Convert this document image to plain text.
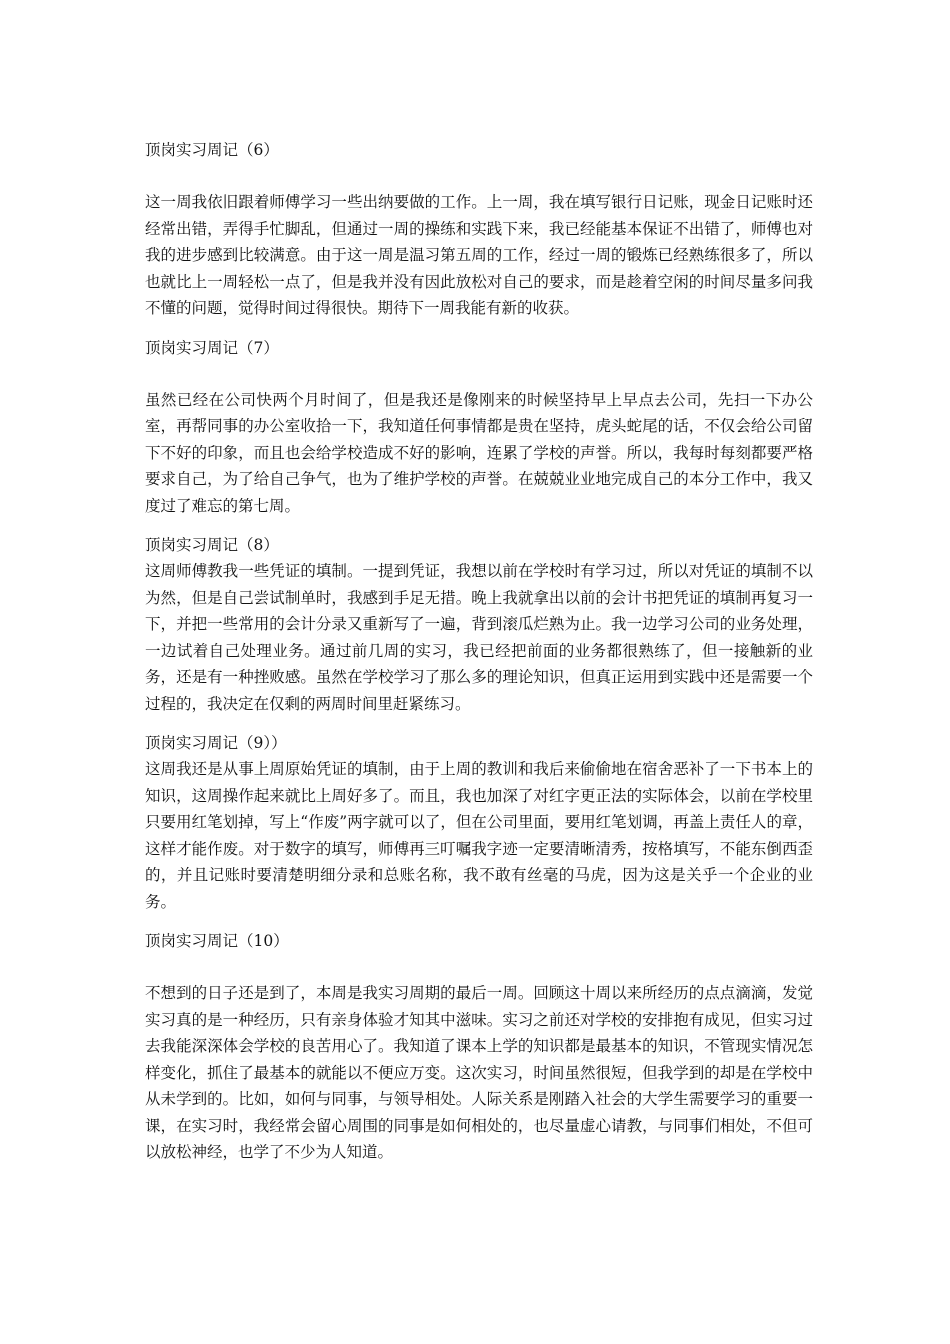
顶岗实习周记（6）

这一周我依旧跟着师傅学习一些出纳要做的工作。上一周，我在填写银行日记账，现金日记账时还经常出错，弄得手忙脚乱，但通过一周的操练和实践下来，我已经能基本保证不出错了，师傅也对我的进步感到比较满意。由于这一周是温习第五周的工作，经过一周的锻炼已经熟练很多了，所以也就比上一周轻松一点了，但是我并没有因此放松对自己的要求，而是趁着空闲的时间尽量多问我不懂的问题，觉得时间过得很快。期待下一周我能有新的收获。

顶岗实习周记（7）

虽然已经在公司快两个月时间了，但是我还是像刚来的时候坚持早上早点去公司，先扫一下办公室，再帮同事的办公室收拾一下，我知道任何事情都是贵在坚持，虎头蛇尾的话，不仅会给公司留下不好的印象，而且也会给学校造成不好的影响，连累了学校的声誉。所以，我每时每刻都要严格要求自己，为了给自己争气，也为了维护学校的声誉。在兢兢业业地完成自己的本分工作中，我又度过了难忘的第七周。

顶岗实习周记（8）

这周师傅教我一些凭证的填制。一提到凭证，我想以前在学校时有学习过，所以对凭证的填制不以为然，但是自己尝试制单时，我感到手足无措。晚上我就拿出以前的会计书把凭证的填制再复习一下，并把一些常用的会计分录又重新写了一遍，背到滚瓜烂熟为止。我一边学习公司的业务处理，一边试着自己处理业务。通过前几周的实习，我已经把前面的业务都很熟练了，但一接触新的业务，还是有一种挫败感。虽然在学校学习了那么多的理论知识，但真正运用到实践中还是需要一个过程的，我决定在仅剩的两周时间里赶紧练习。

顶岗实习周记（9））

这周我还是从事上周原始凭证的填制，由于上周的教训和我后来偷偷地在宿舍恶补了一下书本上的知识，这周操作起来就比上周好多了。而且，我也加深了对红字更正法的实际体会，以前在学校里只要用红笔划掉，写上“作废”两字就可以了，但在公司里面，要用红笔划调，再盖上责任人的章，这样才能作废。对于数字的填写，师傅再三叮嘱我字迹一定要清晰清秀，按格填写，不能东倒西歪的，并且记账时要清楚明细分录和总账名称，我不敢有丝毫的马虎，因为这是关乎一个企业的业务。

顶岗实习周记（10）

不想到的日子还是到了，本周是我实习周期的最后一周。回顾这十周以来所经历的点点滴滴，发觉实习真的是一种经历，只有亲身体验才知其中滋味。实习之前还对学校的安排抱有成见，但实习过去我能深深体会学校的良苦用心了。我知道了课本上学的知识都是最基本的知识，不管现实情况怎样变化，抓住了最基本的就能以不便应万变。这次实习，时间虽然很短，但我学到的却是在学校中从未学到的。比如，如何与同事，与领导相处。人际关系是刚踏入社会的大学生需要学习的重要一课，在实习时，我经常会留心周围的同事是如何相处的，也尽量虚心请教，与同事们相处，不但可以放松神经，也学了不少为人知道。
